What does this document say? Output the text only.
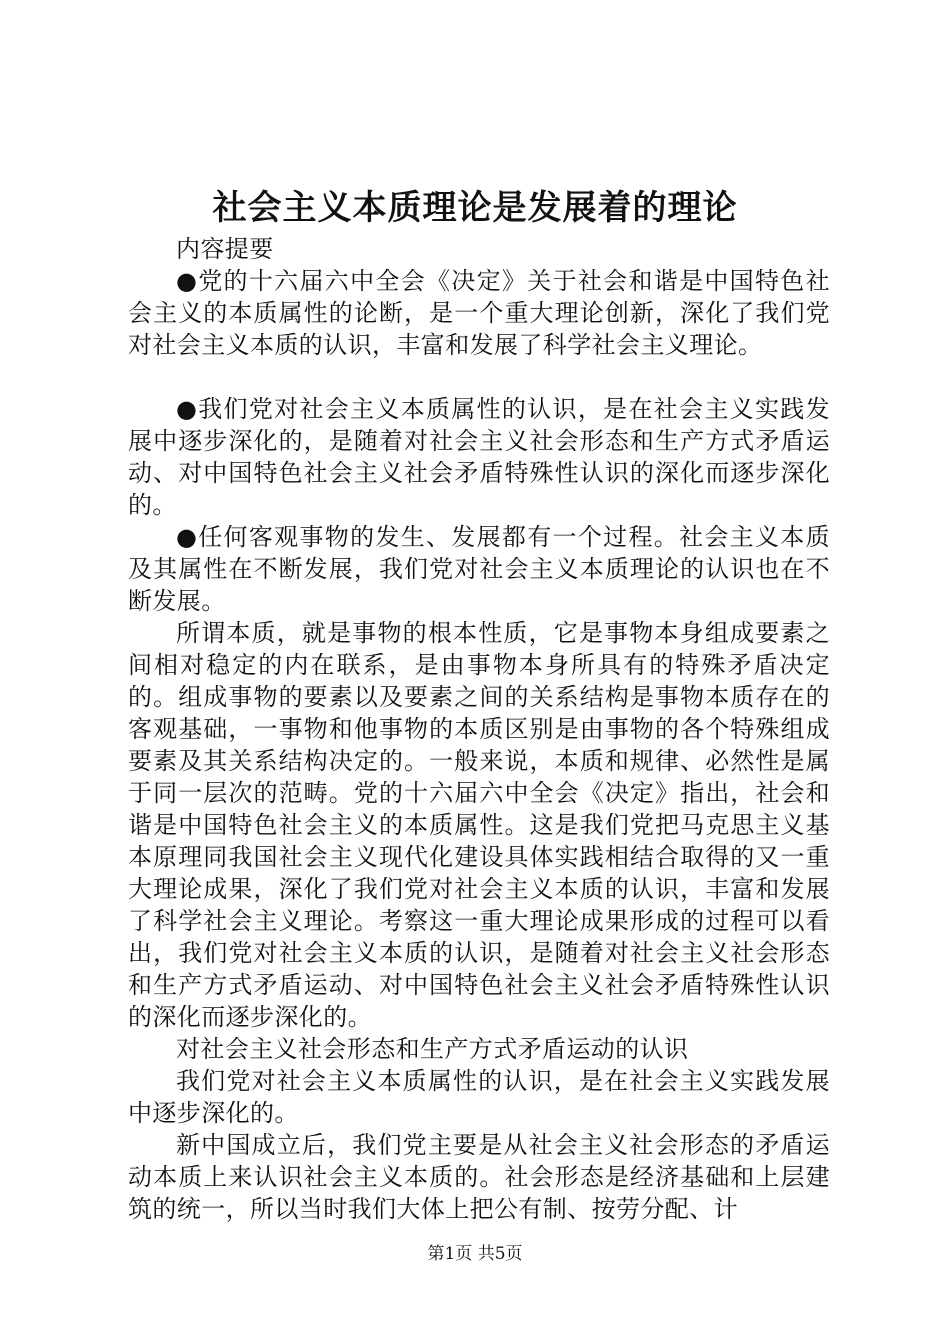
社会主义本质理论是发展着的理论

内容提要

●党的十六届六中全会《决定》关于社会和谐是中国特色社会主义的本质属性的论断，是一个重大理论创新，深化了我们党对社会主义本质的认识，丰富和发展了科学社会主义理论。

●我们党对社会主义本质属性的认识，是在社会主义实践发展中逐步深化的，是随着对社会主义社会形态和生产方式矛盾运动、对中国特色社会主义社会矛盾特殊性认识的深化而逐步深化的。

●任何客观事物的发生、发展都有一个过程。社会主义本质及其属性在不断发展，我们党对社会主义本质理论的认识也在不断发展。

所谓本质，就是事物的根本性质，它是事物本身组成要素之间相对稳定的内在联系，是由事物本身所具有的特殊矛盾决定的。组成事物的要素以及要素之间的关系结构是事物本质存在的客观基础，一事物和他事物的本质区别是由事物的各个特殊组成要素及其关系结构决定的。一般来说，本质和规律、必然性是属于同一层次的范畴。党的十六届六中全会《决定》指出，社会和谐是中国特色社会主义的本质属性。这是我们党把马克思主义基本原理同我国社会主义现代化建设具体实践相结合取得的又一重大理论成果，深化了我们党对社会主义本质的认识，丰富和发展了科学社会主义理论。考察这一重大理论成果形成的过程可以看出，我们党对社会主义本质的认识，是随着对社会主义社会形态和生产方式矛盾运动、对中国特色社会主义社会矛盾特殊性认识的深化而逐步深化的。

对社会主义社会形态和生产方式矛盾运动的认识

我们党对社会主义本质属性的认识，是在社会主义实践发展中逐步深化的。

新中国成立后，我们党主要是从社会主义社会形态的矛盾运动本质上来认识社会主义本质的。社会形态是经济基础和上层建筑的统一，所以当时我们大体上把公有制、按劳分配、计

第1页 共5页
